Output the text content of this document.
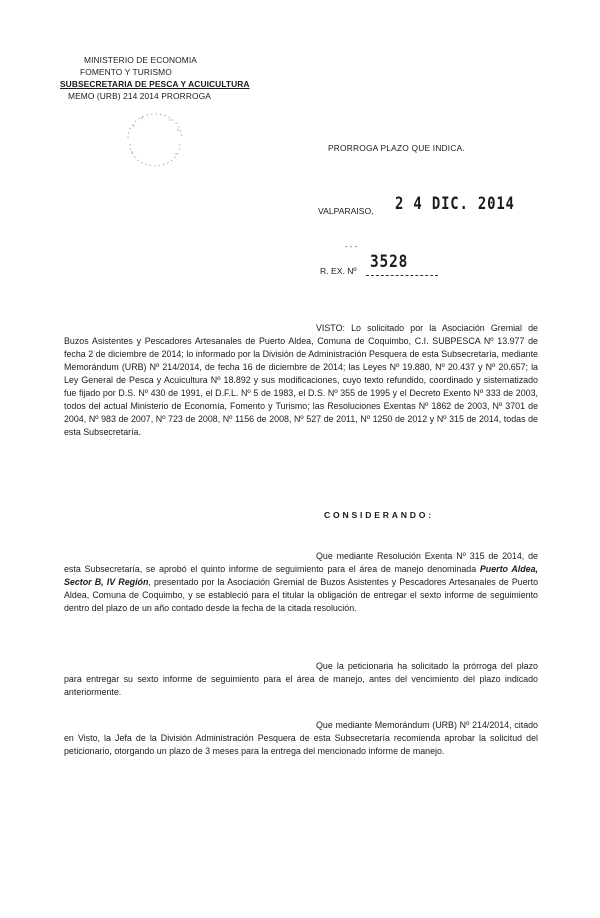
MINISTERIO DE ECONOMIA
FOMENTO Y TURISMO
SUBSECRETARIA DE PESCA Y ACUICULTURA
MEMO (URB) 214 2014 PRORROGA
PRORROGA PLAZO QUE INDICA.
VALPARAISO, 2 4 DIC. 2014
‐ ‐ ‐
R. EX. Nº 3528

VISTO: Lo solicitado por la Asociación Gremial de Buzos Asistentes y Pescadores Artesanales de Puerto Aldea, Comuna de Coquimbo, C.I. SUBPESCA Nº 13.977 de fecha 2 de diciembre de 2014; lo informado por la División de Administración Pesquera de esta Subsecretaría, mediante Memorándum (URB) Nº 214/2014, de fecha 16 de diciembre de 2014; las Leyes Nº 19.880, Nº 20.437 y Nº 20.657; la Ley General de Pesca y Acuicultura Nº 18.892 y sus modificaciones, cuyo texto refundido, coordinado y sistematizado fue fijado por D.S. Nº 430 de 1991, el D.F.L. Nº 5 de 1983, el D.S. Nº 355 de 1995 y el Decreto Exento Nº 333 de 2003, todos del actual Ministerio de Economía, Fomento y Turismo; las Resoluciones Exentas Nº 1862 de 2003, Nº 3701 de 2004, Nº 983 de 2007, Nº 723 de 2008, Nº 1156 de 2008, Nº 527 de 2011, Nº 1250 de 2012 y Nº 315 de 2014, todas de esta Subsecretaría.

CONSIDERANDO:

Que mediante Resolución Exenta Nº 315 de 2014, de esta Subsecretaría, se aprobó el quinto informe de seguimiento para el área de manejo denominada Puerto Aldea, Sector B, IV Región, presentado por la Asociación Gremial de Buzos Asistentes y Pescadores Artesanales de Puerto Aldea, Comuna de Coquimbo, y se estableció para el titular la obligación de entregar el sexto informe de seguimiento dentro del plazo de un año contado desde la fecha de la citada resolución.

Que la peticionaria ha solicitado la prórroga del plazo para entregar su sexto informe de seguimiento para el área de manejo, antes del vencimiento del plazo indicado anteriormente.

Que mediante Memorándum (URB) Nº 214/2014, citado en Visto, la Jefa de la División Administración Pesquera de esta Subsecretaría recomienda aprobar la solicitud del peticionario, otorgando un plazo de 3 meses para la entrega del mencionado informe de manejo.
